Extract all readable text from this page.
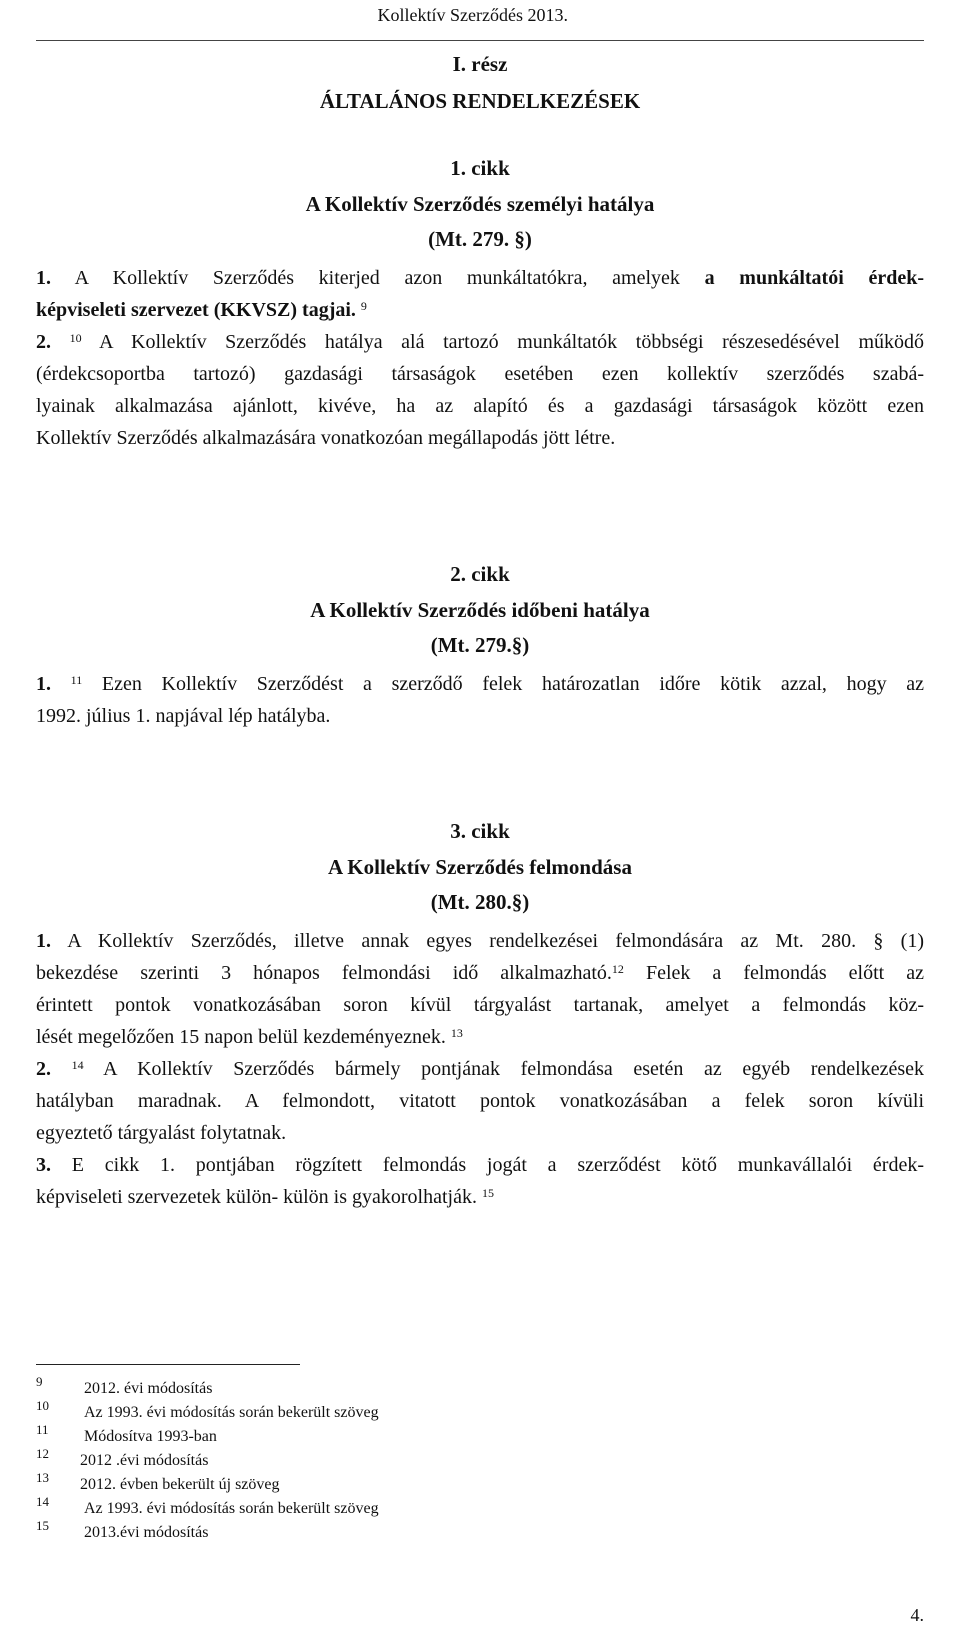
Kollektív Szerződés 2013.
I. rész
ÁLTALÁNOS RENDELKEZÉSEK
1. cikk
A Kollektív Szerződés személyi hatálya
(Mt. 279. §)
1. A Kollektív Szerződés kiterjed azon munkáltatókra, amelyek a munkáltatói érdek-
képviseleti szervezet (KKVSZ) tagjai. $^9$
2. $^{10}$ A Kollektív Szerződés hatálya alá tartozó munkáltatók többségi részesedésével működő
(érdekcsoportba tartozó) gazdasági társaságok esetében ezen kollektív szerződés szabá-
lyainak alkalmazása ajánlott, kivéve, ha az alapító és a gazdasági társaságok között ezen
Kollektív Szerződés alkalmazására vonatkozóan megállapodás jött létre.
2. cikk
A Kollektív Szerződés időbeni hatálya
(Mt. 279.§)
1. $^{11}$ Ezen Kollektív Szerződést a szerződő felek határozatlan időre kötik azzal, hogy az
1992. július 1. napjával lép hatályba.
3. cikk
A Kollektív Szerződés felmondása
(Mt. 280.§)
1. A Kollektív Szerződés, illetve annak egyes rendelkezései felmondására az Mt. 280. § (1)
bekezdése szerinti 3 hónapos felmondási idő alkalmazható.$^{12}$ Felek a felmondás előtt az
érintett pontok vonatkozásában soron kívül tárgyalást tartanak, amelyet a felmondás köz-
lését megelőzően 15 napon belül kezdeményeznek. $^{13}$
2. $^{14}$ A Kollektív Szerződés bármely pontjának felmondása esetén az egyéb rendelkezések
hatályban maradnak. A felmondott, vitatott pontok vonatkozásában a felek soron kívüli
egyeztető tárgyalást folytatnak.
3. E cikk 1. pontjában rögzített felmondás jogát a szerződést kötő munkavállalói érdek-
képviseleti szervezetek külön- külön is gyakorolhatják. $^{15}$
9	2012. évi módosítás
10 Az 1993. évi módosítás során bekerült szöveg
11 Módosítva 1993-ban
12 2012 .évi módosítás
13 2012. évben bekerült új szöveg
14 Az 1993. évi módosítás során bekerült szöveg
15 2013.évi módosítás
4.
